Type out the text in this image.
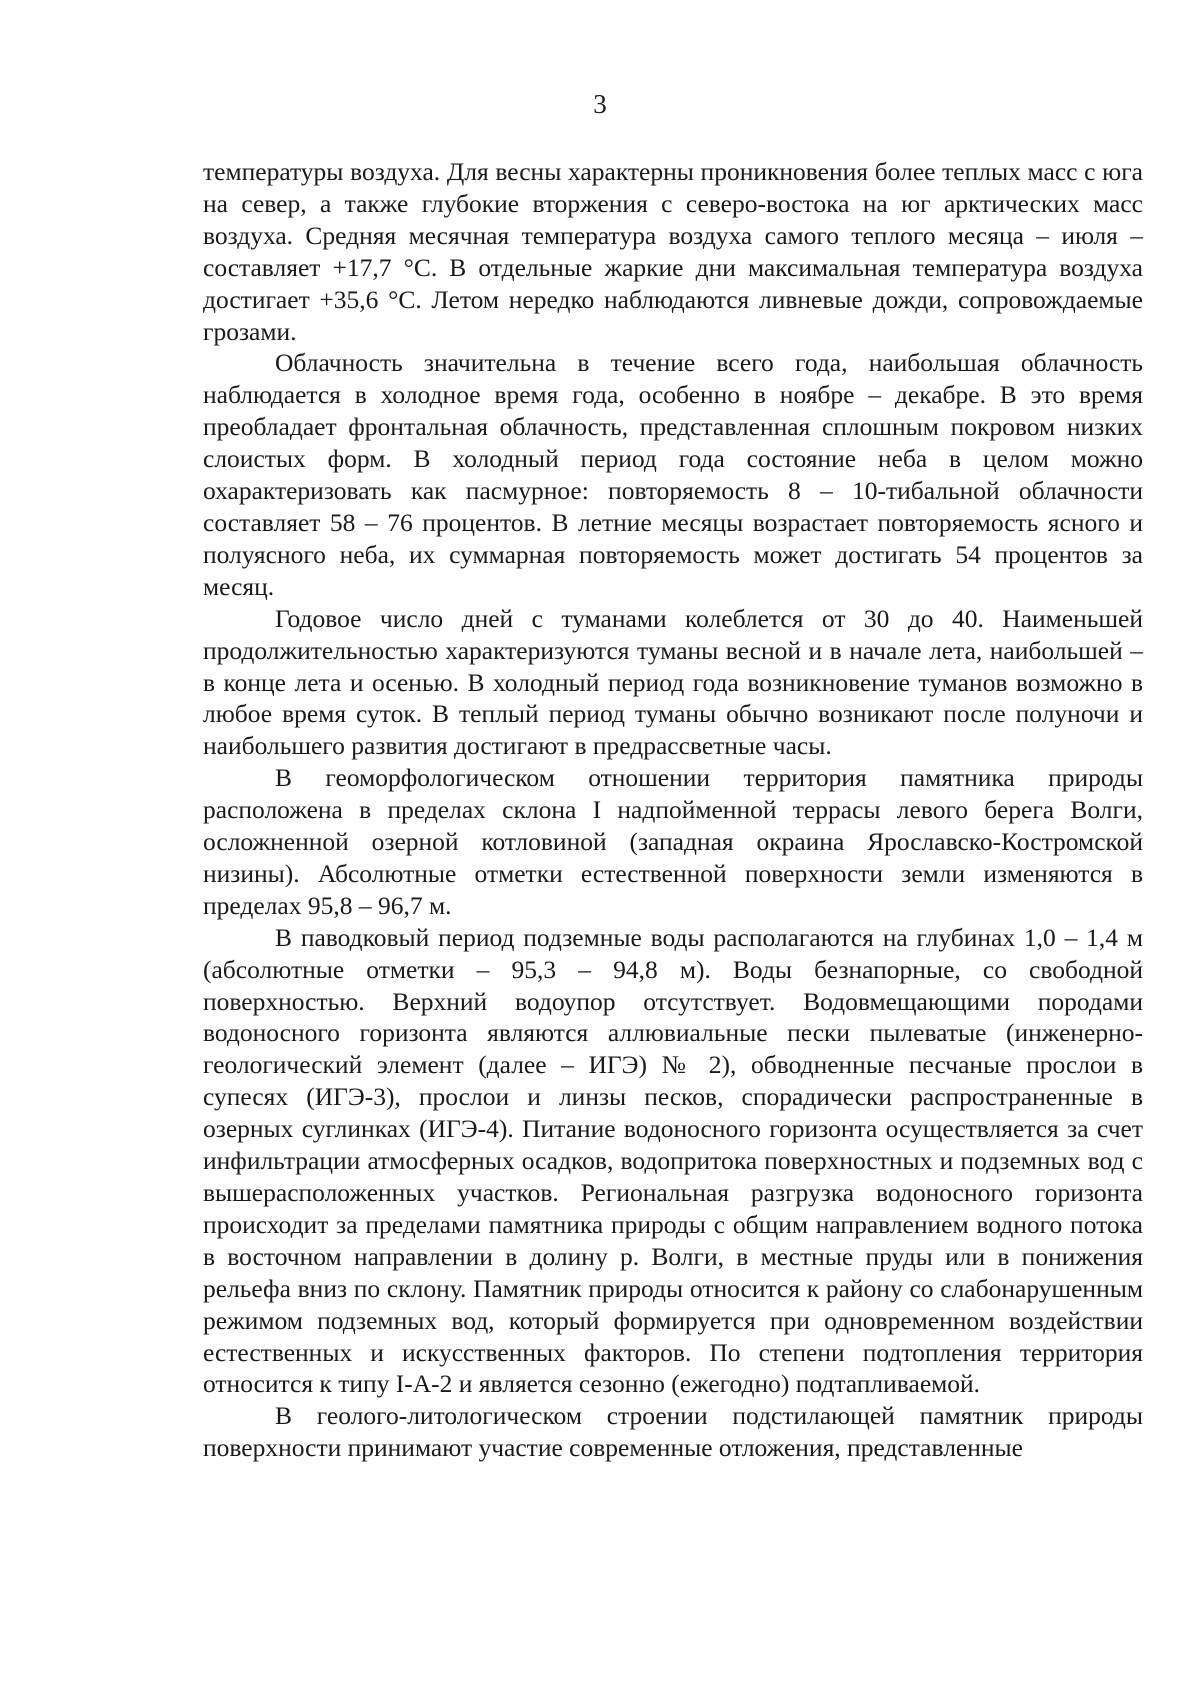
3

температуры воздуха. Для весны характерны проникновения более теплых масс с юга на север, а также глубокие вторжения с северо-востока на юг арктических масс воздуха. Средняя месячная температура воздуха самого теплого месяца – июля – составляет +17,7 °С. В отдельные жаркие дни максимальная температура воздуха достигает +35,6 °С. Летом нередко наблюдаются ливневые дожди, сопровождаемые грозами.

Облачность значительна в течение всего года, наибольшая облачность наблюдается в холодное время года, особенно в ноябре – декабре. В это время преобладает фронтальная облачность, представленная сплошным покровом низких слоистых форм. В холодный период года состояние неба в целом можно охарактеризовать как пасмурное: повторяемость 8 – 10-тибальной облачности составляет 58 – 76 процентов. В летние месяцы возрастает повторяемость ясного и полуясного неба, их суммарная повторяемость может достигать 54 процентов за месяц.

Годовое число дней с туманами колеблется от 30 до 40. Наименьшей продолжительностью характеризуются туманы весной и в начале лета, наибольшей – в конце лета и осенью. В холодный период года возникновение туманов возможно в любое время суток. В теплый период туманы обычно возникают после полуночи и наибольшего развития достигают в предрассветные часы.

В геоморфологическом отношении территория памятника природы расположена в пределах склона I надпойменной террасы левого берега Волги, осложненной озерной котловиной (западная окраина Ярославско-Костромской низины). Абсолютные отметки естественной поверхности земли изменяются в пределах 95,8 – 96,7 м.

В паводковый период подземные воды располагаются на глубинах 1,0 – 1,4 м (абсолютные отметки – 95,3 – 94,8 м). Воды безнапорные, со свободной поверхностью. Верхний водоупор отсутствует. Водовмещающими породами водоносного горизонта являются аллювиальные пески пылеватые (инженерно-геологический элемент (далее – ИГЭ) № 2), обводненные песчаные прослои в супесях (ИГЭ-3), прослои и линзы песков, спорадически распространенные в озерных суглинках (ИГЭ-4). Питание водоносного горизонта осуществляется за счет инфильтрации атмосферных осадков, водопритока поверхностных и подземных вод с вышерасположенных участков. Региональная разгрузка водоносного горизонта происходит за пределами памятника природы с общим направлением водного потока в восточном направлении в долину р. Волги, в местные пруды или в понижения рельефа вниз по склону. Памятник природы относится к району со слабонарушенным режимом подземных вод, который формируется при одновременном воздействии естественных и искусственных факторов. По степени подтопления территория относится к типу I-А-2 и является сезонно (ежегодно) подтапливаемой.

В геолого-литологическом строении подстилающей памятник природы поверхности принимают участие современные отложения, представленные
